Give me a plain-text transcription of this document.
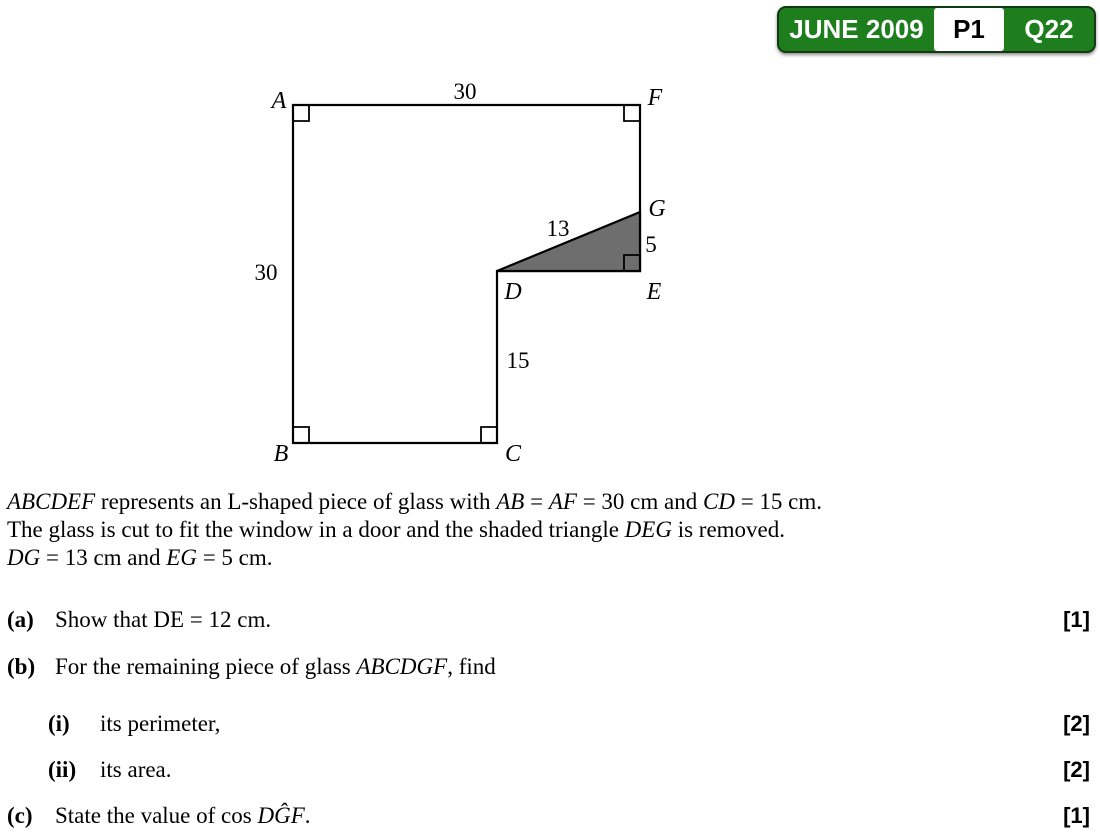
JUNE 2009	P1	Q22
A	F
G
E
D
B	C
30
30
13
5
15
ABCDEF represents an L-shaped piece of glass with AB = AF = 30 cm and CD = 15 cm.
The glass is cut to fit the window in a door and the shaded triangle DEG is removed.
DG = 13 cm and EG = 5 cm.
(a) Show that DE = 12 cm.	[1]
(b) For the remaining piece of glass ABCDGF, find
(i)	its perimeter,	[2]
(ii)	its area.	[2]
(c) State the value of cos DĜF.	[1]
